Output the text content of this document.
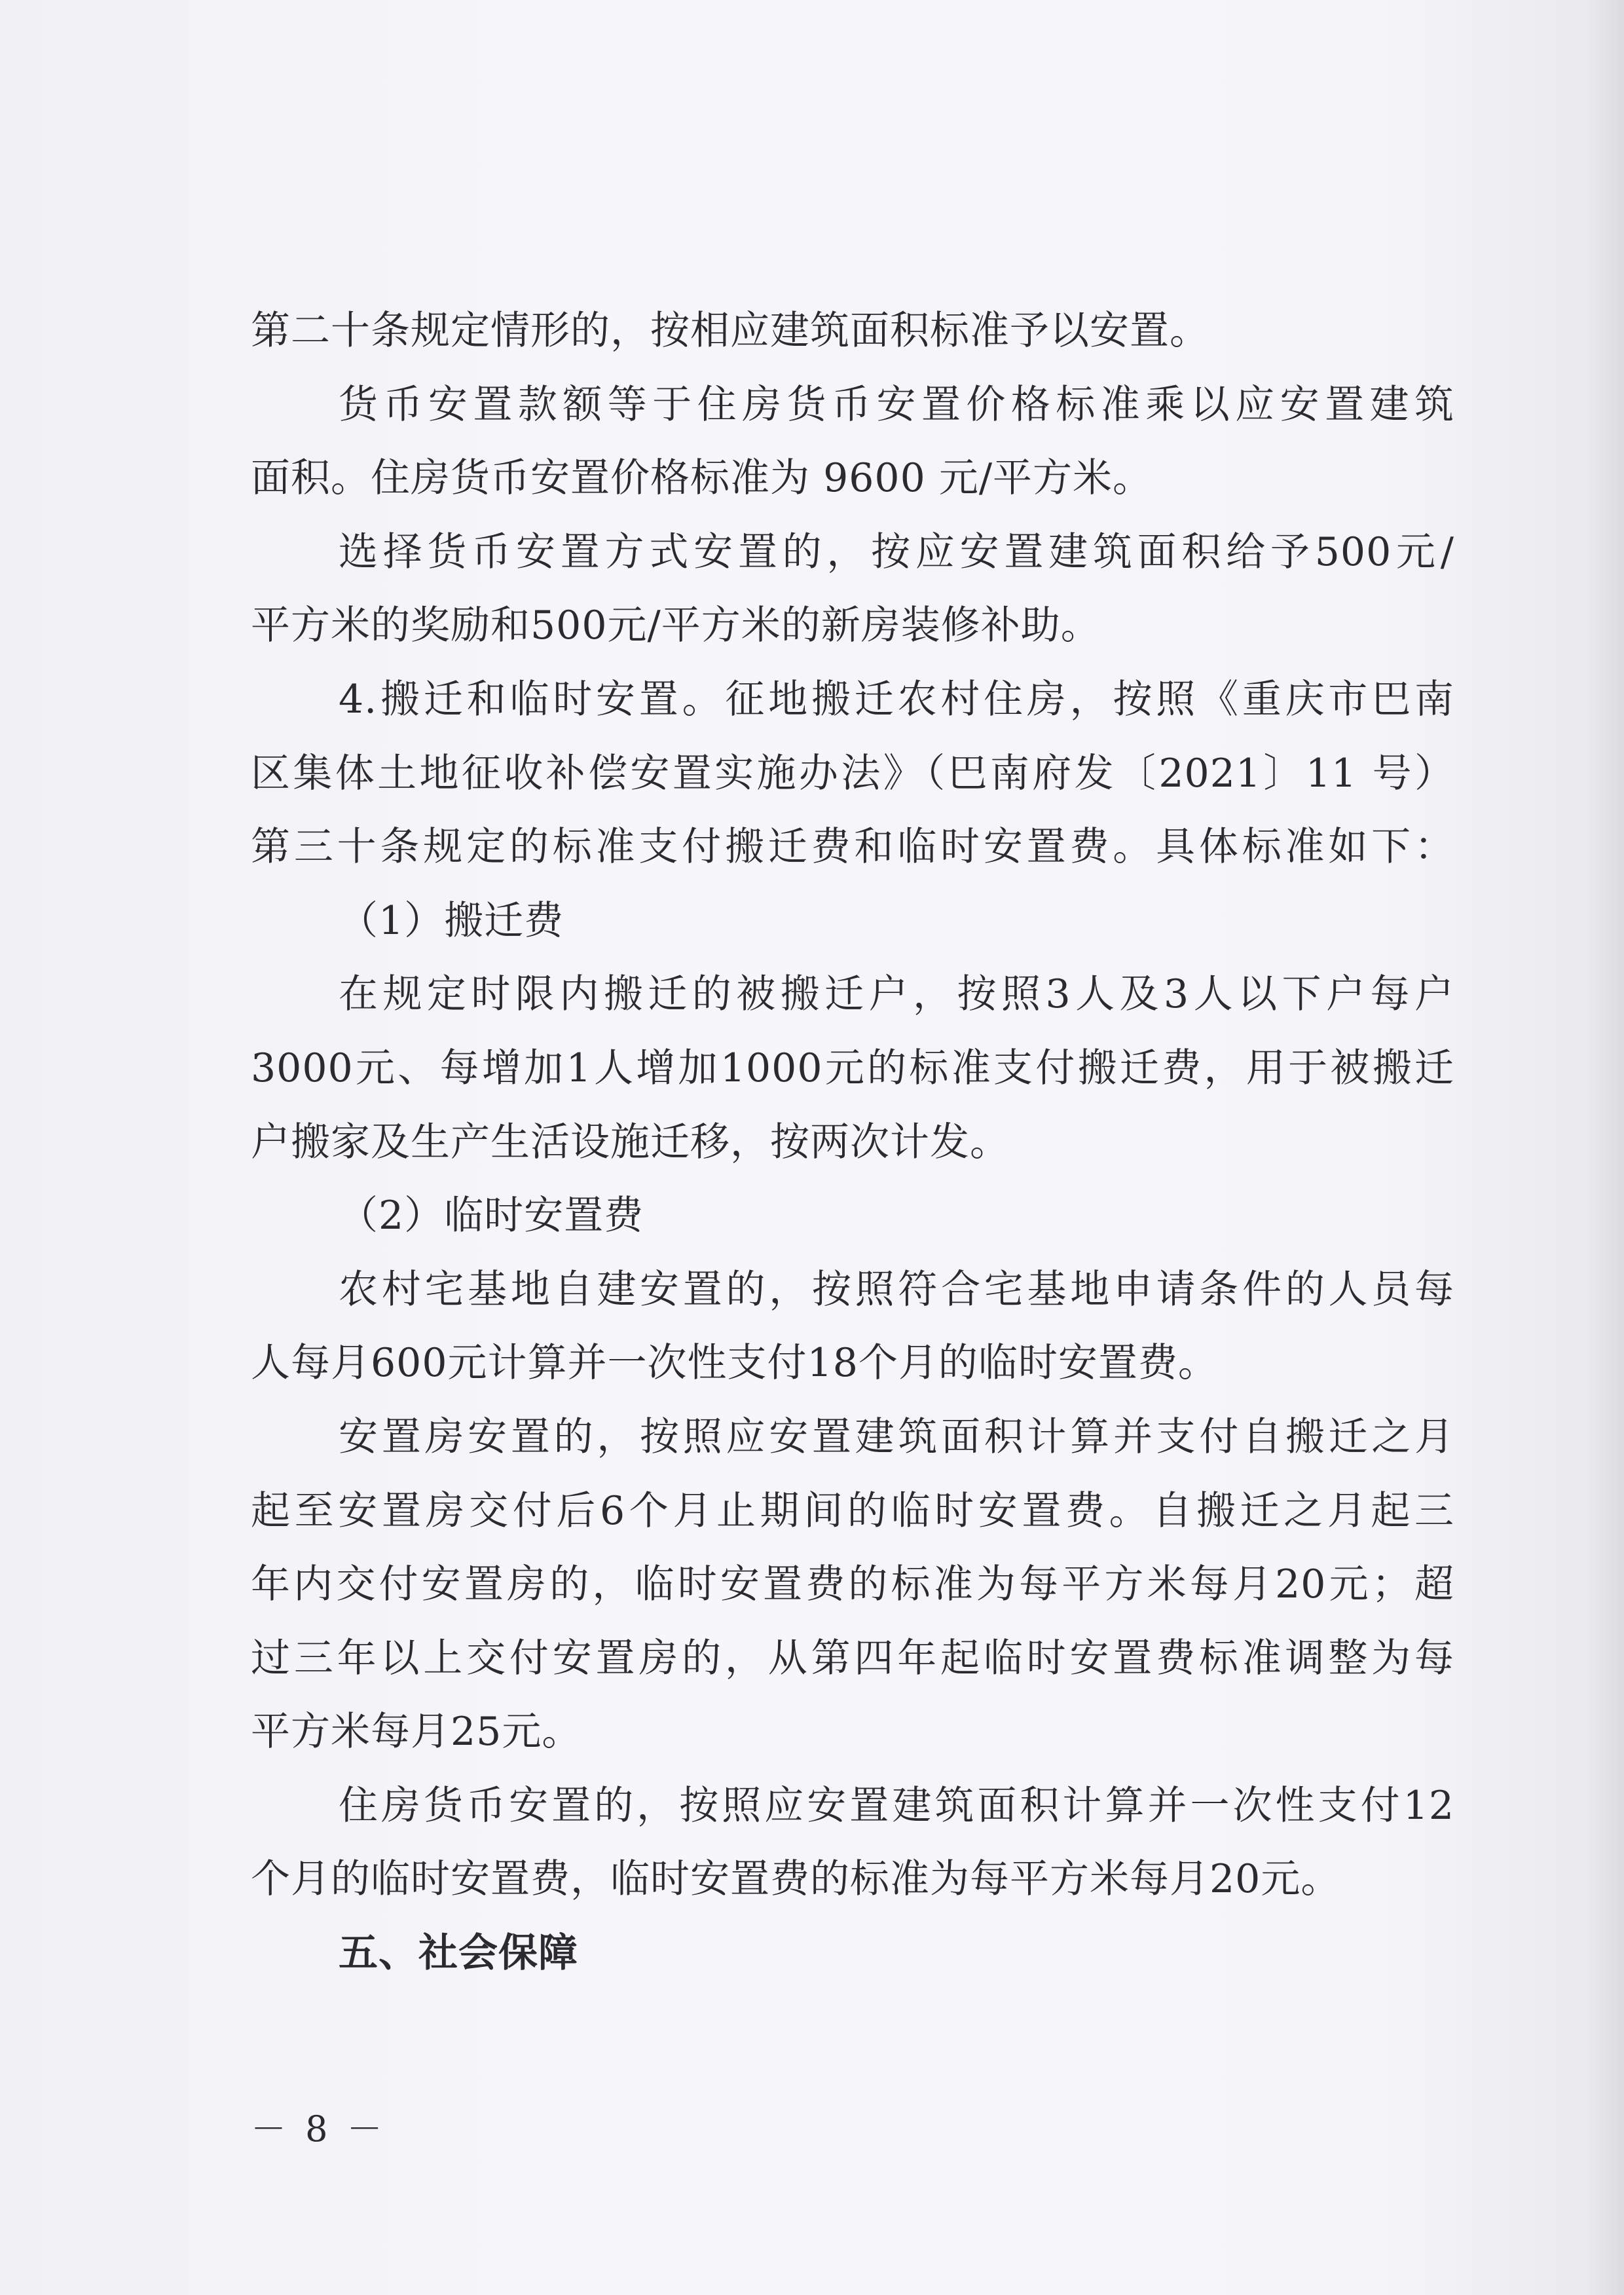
第二十条规定情形的，按相应建筑面积标准予以安置。

货币安置款额等于住房货币安置价格标准乘以应安置建筑

面积。住房货币安置价格标准为 9600 元/平方米。

选择货币安置方式安置的，按应安置建筑面积给予500元/

平方米的奖励和500元/平方米的新房装修补助。

4.搬迁和临时安置。征地搬迁农村住房，按照《重庆市巴南

区集体土地征收补偿安置实施办法》（巴南府发〔2021〕11 号）

第三十条规定的标准支付搬迁费和临时安置费。具体标准如下：

（1）搬迁费

在规定时限内搬迁的被搬迁户，按照3人及3人以下户每户

3000元、每增加1人增加1000元的标准支付搬迁费，用于被搬迁

户搬家及生产生活设施迁移，按两次计发。

（2）临时安置费

农村宅基地自建安置的，按照符合宅基地申请条件的人员每

人每月600元计算并一次性支付18个月的临时安置费。

安置房安置的，按照应安置建筑面积计算并支付自搬迁之月

起至安置房交付后6个月止期间的临时安置费。自搬迁之月起三

年内交付安置房的，临时安置费的标准为每平方米每月20元；超

过三年以上交付安置房的，从第四年起临时安置费标准调整为每

平方米每月25元。

住房货币安置的，按照应安置建筑面积计算并一次性支付12

个月的临时安置费，临时安置费的标准为每平方米每月20元。

五、社会保障

－ 8 －
